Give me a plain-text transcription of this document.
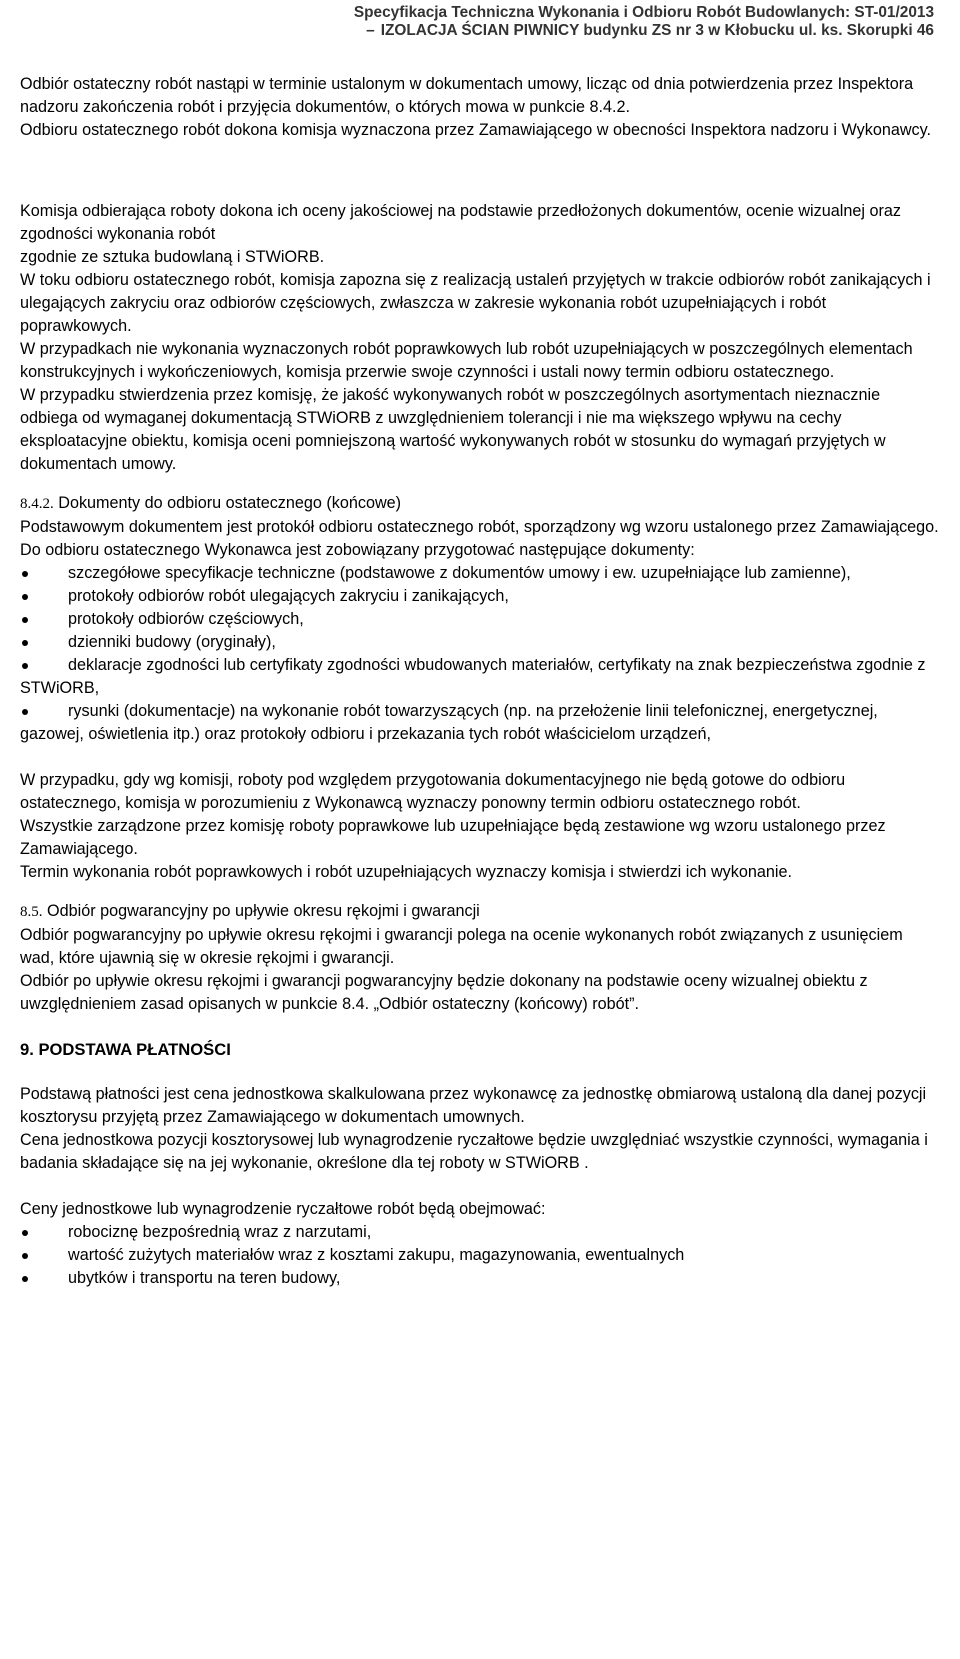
Specyfikacja Techniczna Wykonania i Odbioru Robót Budowlanych: ST-01/2013
– IZOLACJA ŚCIAN PIWNICY budynku ZS nr 3 w Kłobucku ul. ks. Skorupki 46

Odbiór ostateczny robót nastąpi w terminie ustalonym w dokumentach umowy, licząc od dnia potwierdzenia przez Inspektora nadzoru zakończenia robót i przyjęcia dokumentów, o których mowa w punkcie 8.4.2.

Odbioru ostatecznego robót dokona komisja wyznaczona przez Zamawiającego w obecności Inspektora nadzoru i Wykonawcy.

Komisja odbierająca roboty dokona ich oceny jakościowej na podstawie przedłożonych dokumentów, ocenie wizualnej oraz zgodności wykonania robót

zgodnie ze sztuka budowlaną i STWiORB.

W toku odbioru ostatecznego robót, komisja zapozna się z realizacją ustaleń przyjętych w trakcie odbiorów robót zanikających i ulegających zakryciu oraz odbiorów częściowych, zwłaszcza w zakresie wykonania robót uzupełniających i robót poprawkowych.

W przypadkach nie wykonania wyznaczonych robót poprawkowych lub robót uzupełniających w poszczególnych elementach konstrukcyjnych i wykończeniowych, komisja przerwie swoje czynności i ustali nowy termin odbioru ostatecznego.

W przypadku stwierdzenia przez komisję, że jakość wykonywanych robót w poszczególnych asortymentach nieznacznie odbiega od wymaganej dokumentacją STWiORB z uwzględnieniem tolerancji i nie ma większego wpływu na cechy eksploatacyjne obiektu, komisja oceni pomniejszoną wartość wykonywanych robót w stosunku do wymagań przyjętych w dokumentach umowy.

8.4.2. Dokumenty do odbioru ostatecznego (końcowe)

Podstawowym dokumentem jest protokół odbioru ostatecznego robót, sporządzony wg wzoru ustalonego przez Zamawiającego.

Do odbioru ostatecznego Wykonawca jest zobowiązany przygotować następujące dokumenty:

szczegółowe specyfikacje techniczne (podstawowe z dokumentów umowy i ew. uzupełniające lub zamienne),
protokoły odbiorów robót ulegających zakryciu i zanikających,
protokoły odbiorów częściowych,
dzienniki budowy (oryginały),
deklaracje zgodności lub certyfikaty zgodności wbudowanych materiałów, certyfikaty na znak bezpieczeństwa zgodnie z STWiORB,
rysunki (dokumentacje) na wykonanie robót towarzyszących (np. na przełożenie linii telefonicznej, energetycznej, gazowej, oświetlenia itp.) oraz protokoły odbioru i przekazania tych robót właścicielom urządzeń,

W przypadku, gdy wg komisji, roboty pod względem przygotowania dokumentacyjnego nie będą gotowe do odbioru ostatecznego, komisja w porozumieniu z Wykonawcą wyznaczy ponowny termin odbioru ostatecznego robót.

Wszystkie zarządzone przez komisję roboty poprawkowe lub uzupełniające będą zestawione wg wzoru ustalonego przez Zamawiającego.

Termin wykonania robót poprawkowych i robót uzupełniających wyznaczy komisja i stwierdzi ich wykonanie.

8.5. Odbiór pogwarancyjny po upływie okresu rękojmi i gwarancji

Odbiór pogwarancyjny po upływie okresu rękojmi i gwarancji polega na ocenie wykonanych robót związanych z usunięciem wad, które ujawnią się w okresie rękojmi i gwarancji.

Odbiór po upływie okresu rękojmi i gwarancji pogwarancyjny będzie dokonany na podstawie oceny wizualnej obiektu z uwzględnieniem zasad opisanych w punkcie 8.4. „Odbiór ostateczny (końcowy) robót”.

9. PODSTAWA PŁATNOŚCI

Podstawą płatności jest cena jednostkowa skalkulowana przez wykonawcę za jednostkę obmiarową ustaloną dla danej pozycji kosztorysu przyjętą przez Zamawiającego w dokumentach umownych.

Cena jednostkowa pozycji kosztorysowej lub wynagrodzenie ryczałtowe będzie uwzględniać wszystkie czynności, wymagania i badania składające się na jej wykonanie, określone dla tej roboty w STWiORB .

Ceny jednostkowe lub wynagrodzenie ryczałtowe robót będą obejmować:

robociznę bezpośrednią wraz z narzutami,
wartość zużytych materiałów wraz z kosztami zakupu, magazynowania, ewentualnych
ubytków i transportu na teren budowy,
